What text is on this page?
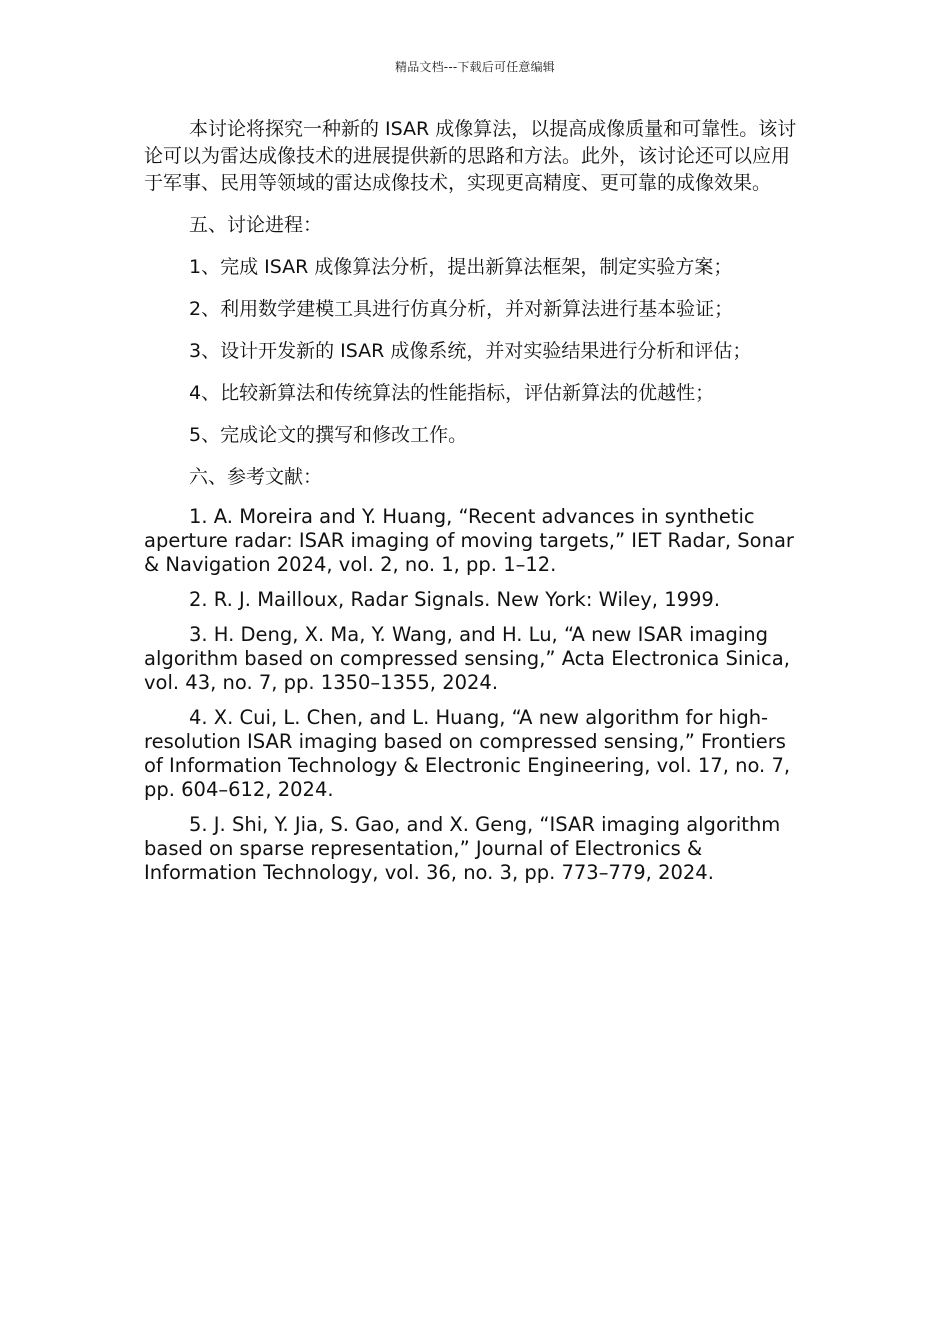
精品文档---下载后可任意编辑

本讨论将探究一种新的 ISAR 成像算法，以提高成像质量和可靠性。该讨论可以为雷达成像技术的进展提供新的思路和方法。此外，该讨论还可以应用于军事、民用等领域的雷达成像技术，实现更高精度、更可靠的成像效果。

五、讨论进程：

1、完成 ISAR 成像算法分析，提出新算法框架，制定实验方案；

2、利用数学建模工具进行仿真分析，并对新算法进行基本验证；

3、设计开发新的 ISAR 成像系统，并对实验结果进行分析和评估；

4、比较新算法和传统算法的性能指标，评估新算法的优越性；

5、完成论文的撰写和修改工作。

六、参考文献：

1. A. Moreira and Y. Huang, “Recent advances in synthetic aperture radar: ISAR imaging of moving targets,” IET Radar, Sonar & Navigation 2024, vol. 2, no. 1, pp. 1–12.

2. R. J. Mailloux, Radar Signals. New York: Wiley, 1999.

3. H. Deng, X. Ma, Y. Wang, and H. Lu, “A new ISAR imaging algorithm based on compressed sensing,” Acta Electronica Sinica, vol. 43, no. 7, pp. 1350–1355, 2024.

4. X. Cui, L. Chen, and L. Huang, “A new algorithm for high-resolution ISAR imaging based on compressed sensing,” Frontiers of Information Technology & Electronic Engineering, vol. 17, no. 7, pp. 604–612, 2024.

5. J. Shi, Y. Jia, S. Gao, and X. Geng, “ISAR imaging algorithm based on sparse representation,” Journal of Electronics & Information Technology, vol. 36, no. 3, pp. 773–779, 2024.
